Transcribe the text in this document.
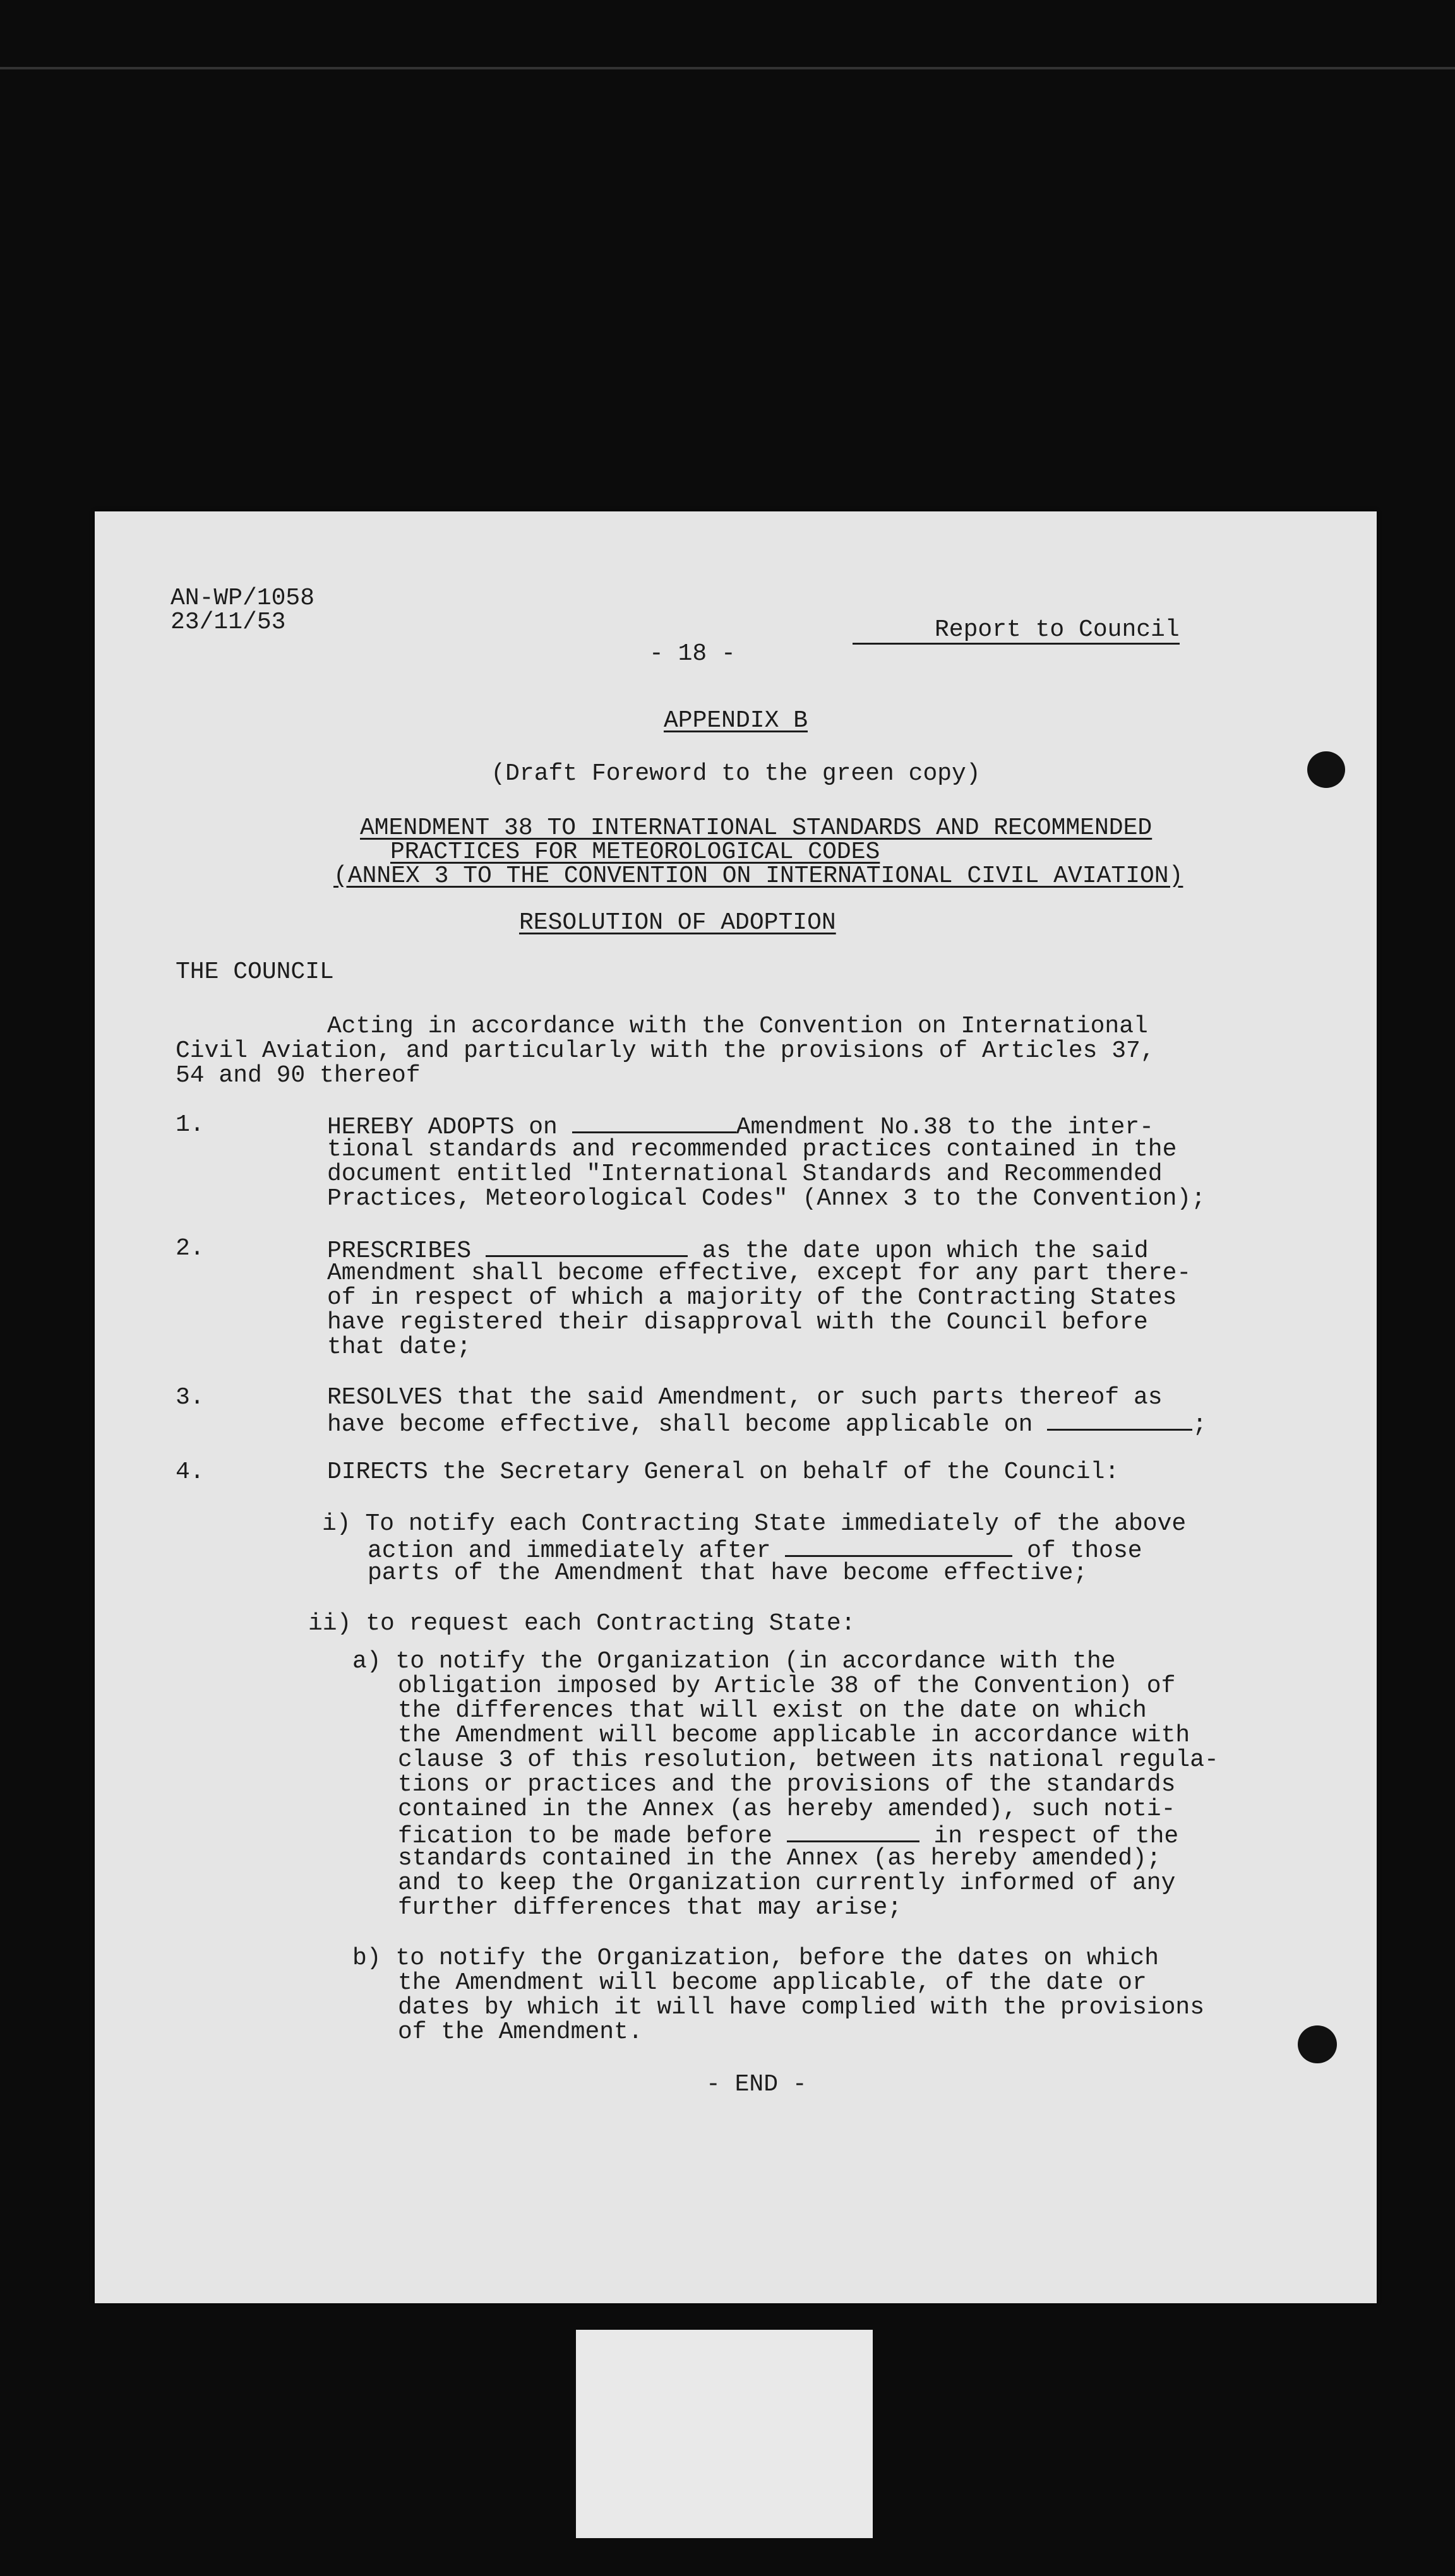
AN-WP/1058
23/11/53
- 18 -
Report to Council
APPENDIX B
(Draft Foreword to the green copy)
AMENDMENT 38 TO INTERNATIONAL STANDARDS AND RECOMMENDED
PRACTICES FOR METEOROLOGICAL CODES
(ANNEX 3 TO THE CONVENTION ON INTERNATIONAL CIVIL AVIATION)
RESOLUTION OF ADOPTION
THE COUNCIL
Acting in accordance with the Convention on International
Civil Aviation, and particularly with the provisions of Articles 37,
54 and 90 thereof
1.	HEREBY ADOPTS on	Amendment No.38 to the inter-
tional standards and recommended practices contained in the
document entitled "International Standards and Recommended
Practices, Meteorological Codes" (Annex 3 to the Convention);
2.	PRESCRIBES	as the date upon which the said
Amendment shall become effective, except for any part there-
of in respect of which a majority of the Contracting States
have registered their disapproval with the Council before
that date;
3.	RESOLVES that the said Amendment, or such parts thereof as
have become effective, shall become applicable on	;
4.	DIRECTS the Secretary General on behalf of the Council:
i) To notify each Contracting State immediately of the above
action and immediately after	of those
parts of the Amendment that have become effective;
ii) to request each Contracting State:
a) to notify the Organization (in accordance with the
obligation imposed by Article 38 of the Convention) of
the differences that will exist on the date on which
the Amendment will become applicable in accordance with
clause 3 of this resolution, between its national regula-
tions or practices and the provisions of the standards
contained in the Annex (as hereby amended), such noti-
fication to be made before	in respect of the
standards contained in the Annex (as hereby amended);
and to keep the Organization currently informed of any
further differences that may arise;
b) to notify the Organization, before the dates on which
the Amendment will become applicable, of the date or
dates by which it will have complied with the provisions
of the Amendment.
- END -
